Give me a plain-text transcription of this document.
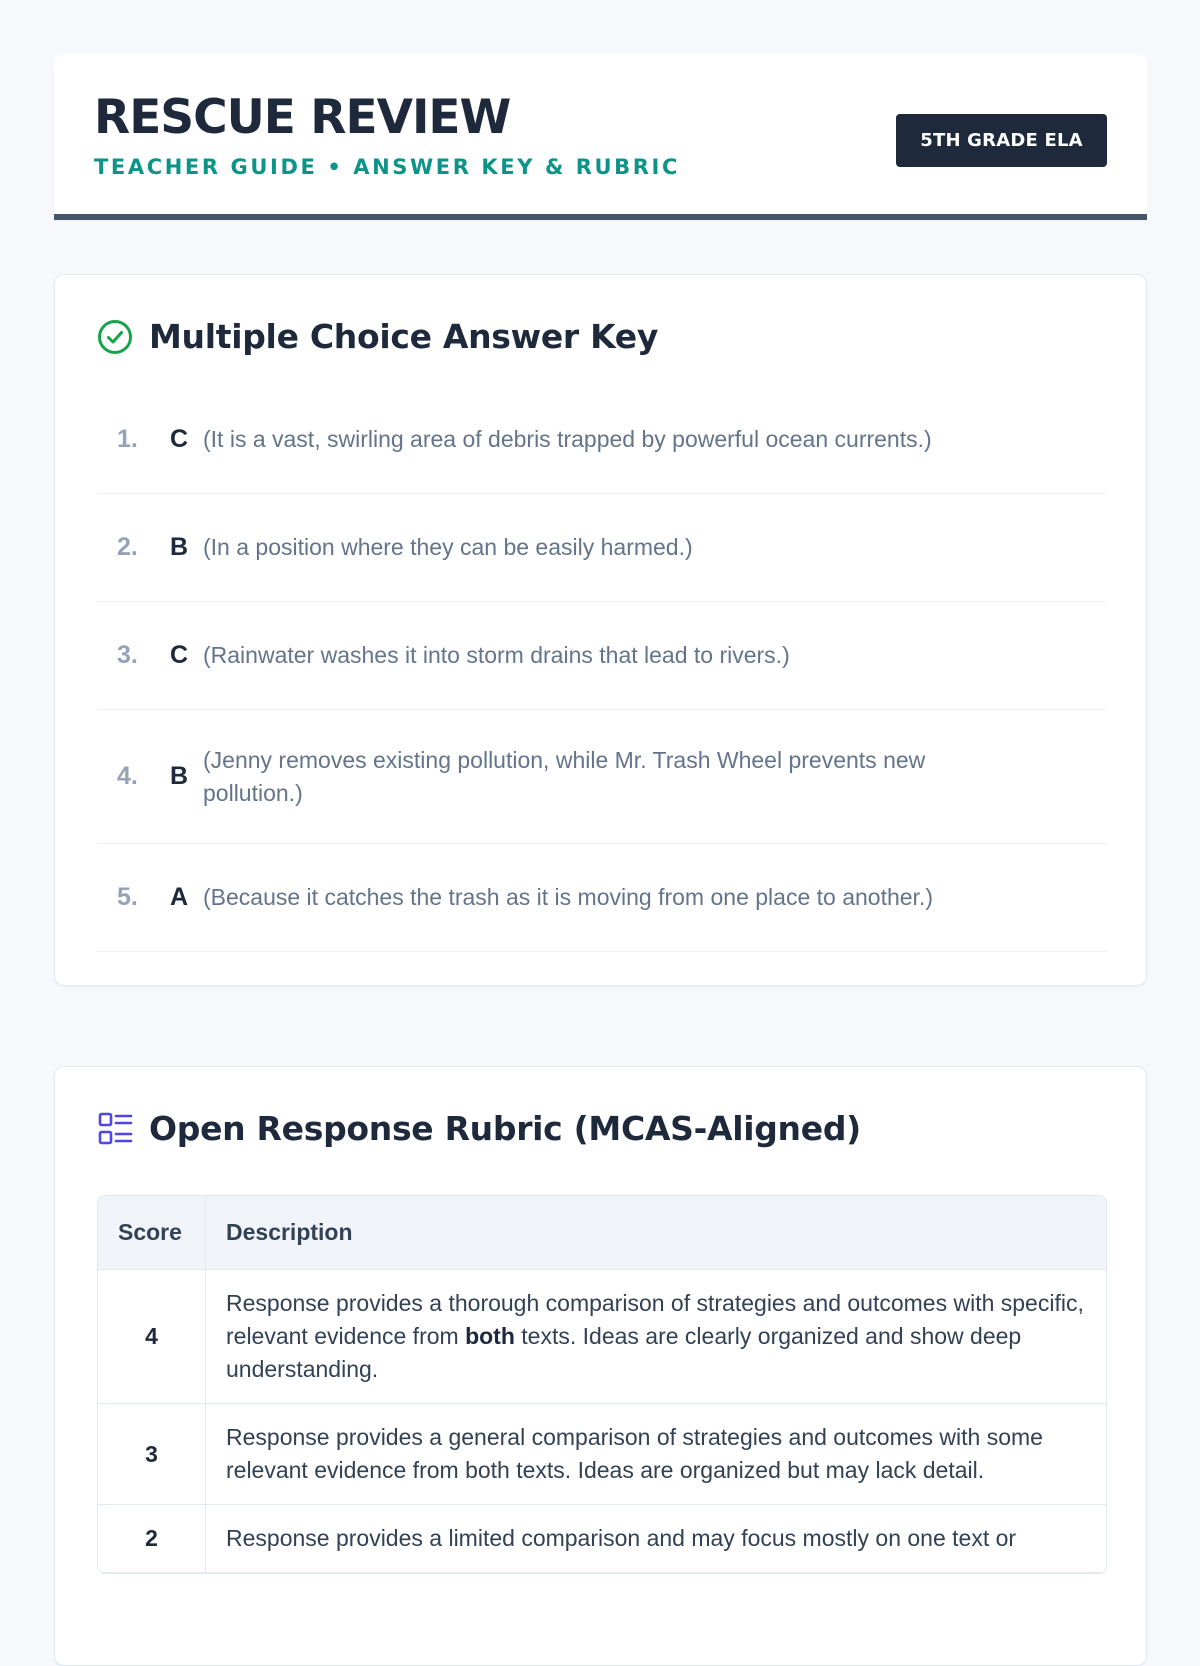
RESCUE REVIEW
TEACHER GUIDE • ANSWER KEY & RUBRIC
5TH GRADE ELA
Multiple Choice Answer Key
1.	C (It is a vast, swirling area of debris trapped by powerful ocean currents.)
2.	B (In a position where they can be easily harmed.)
3.	C (Rainwater washes it into storm drains that lead to rivers.)
4.	B
(Jenny removes existing pollution, while Mr. Trash Wheel prevents new pollution.)
5.	A (Because it catches the trash as it is moving from one place to another.)
Open Response Rubric (MCAS-Aligned)
Score	Description
4	Response provides a thorough comparison of strategies and outcomes with specific, relevant evidence from both texts. Ideas are clearly organized and show deep understanding.
3	Response provides a general comparison of strategies and outcomes with some relevant evidence from both texts. Ideas are organized but may lack detail.
2	Response provides a limited comparison and may focus mostly on one text or
